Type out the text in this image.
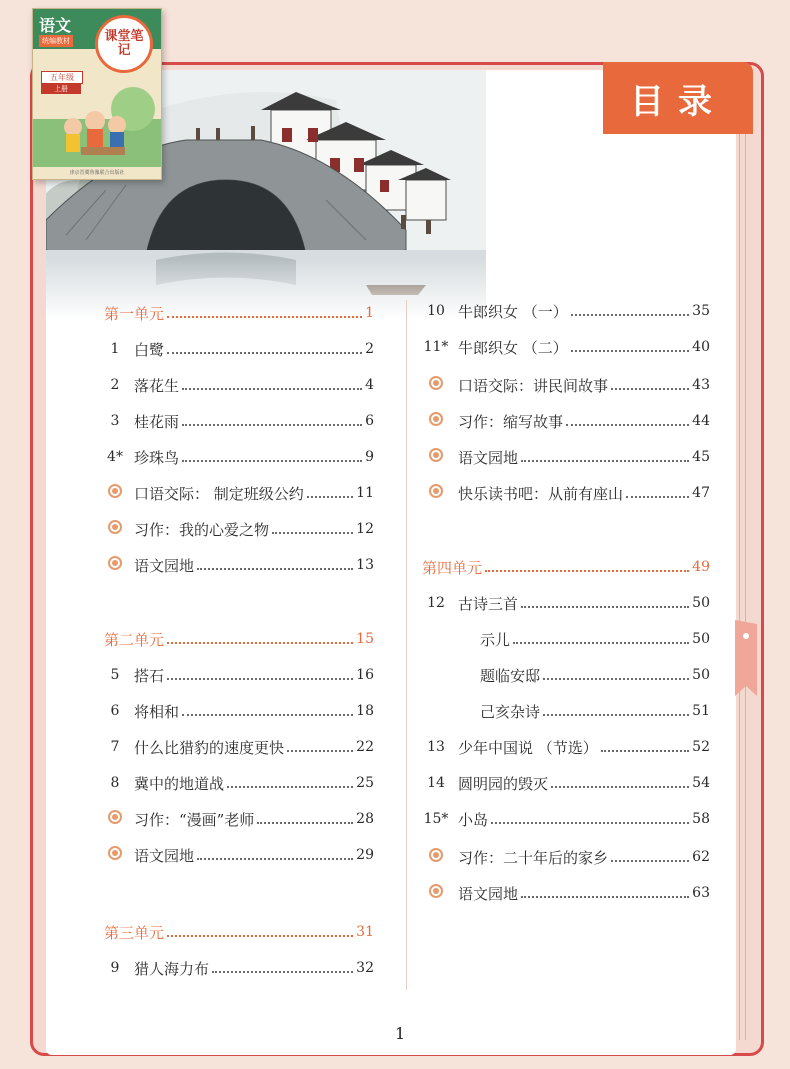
语文
统编教材	课堂笔记
五年级
上册
津京晋冀鲁豫联合出版社
目录
第一单元	1
1 白鹭	2
2 落花生	4
3 桂花雨	6
4* 珍珠鸟	9
口语交际： 制定班级公约	11
习作：我的心爱之物	12
语文园地	13
第二单元	15
5 搭石	16
6 将相和	18
7 什么比猎豹的速度更快	22
8 冀中的地道战	25
习作：“漫画”老师	28
语文园地	29
第三单元	31
9 猎人海力布	32
10 牛郎织女 （一）	35
11* 牛郎织女 （二）	40
口语交际：讲民间故事	43
习作：缩写故事	44
语文园地	45
快乐读书吧：从前有座山	47
第四单元	49
12 古诗三首	50
示儿	50
题临安邸	50
己亥杂诗	51
13 少年中国说 （节选）	52
14 圆明园的毁灭	54
15* 小岛	58
习作：二十年后的家乡	62
语文园地	63
1
